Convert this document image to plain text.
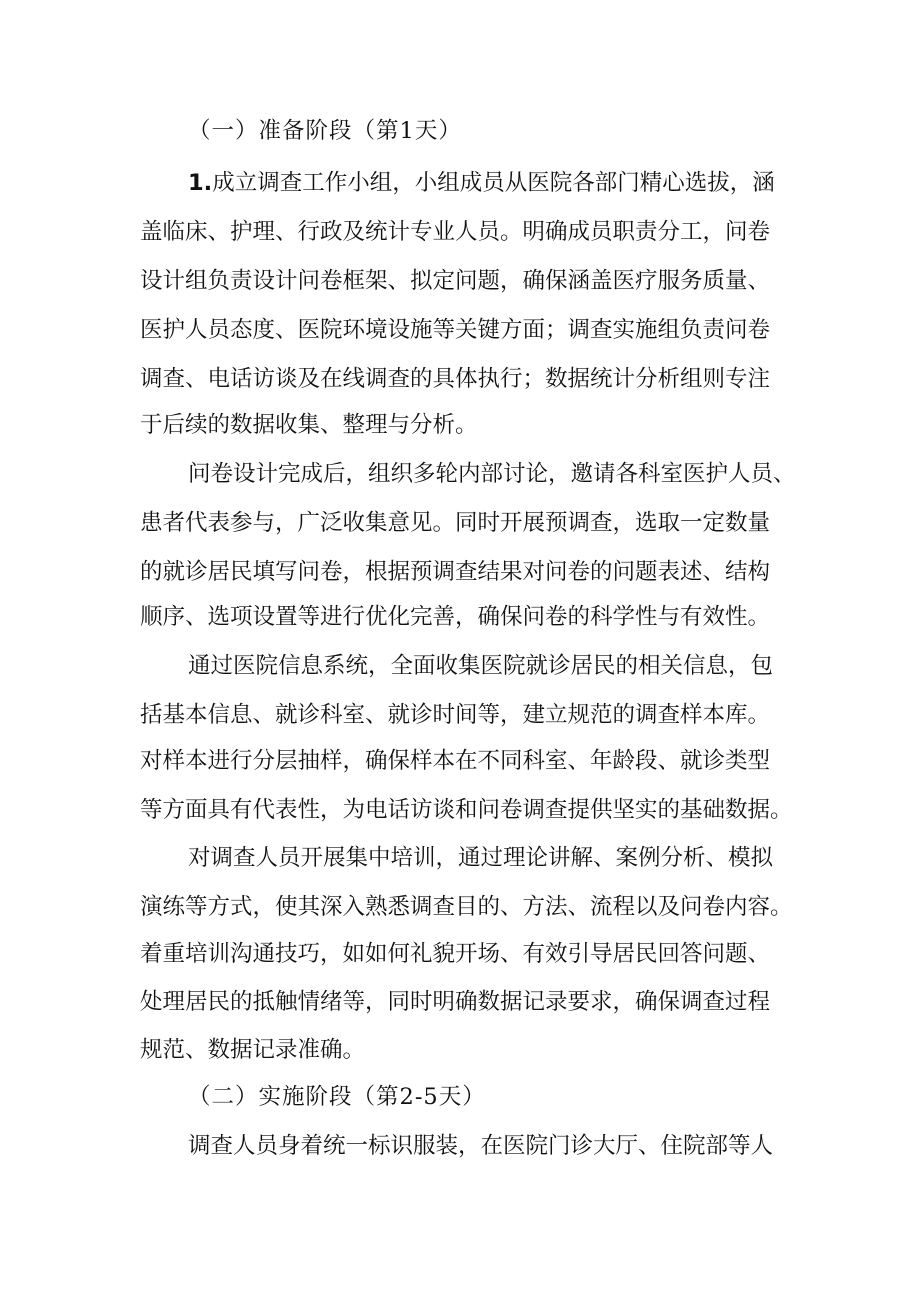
（一）准备阶段（第1天）
1.成立调查工作小组，小组成员从医院各部门精心选拔，涵
盖临床、护理、行政及统计专业人员。明确成员职责分工，问卷
设计组负责设计问卷框架、拟定问题，确保涵盖医疗服务质量、
医护人员态度、医院环境设施等关键方面；调查实施组负责问卷
调查、电话访谈及在线调查的具体执行；数据统计分析组则专注
于后续的数据收集、整理与分析。
问卷设计完成后，组织多轮内部讨论，邀请各科室医护人员、
患者代表参与，广泛收集意见。同时开展预调查，选取一定数量
的就诊居民填写问卷，根据预调查结果对问卷的问题表述、结构
顺序、选项设置等进行优化完善，确保问卷的科学性与有效性。
通过医院信息系统，全面收集医院就诊居民的相关信息，包
括基本信息、就诊科室、就诊时间等，建立规范的调查样本库。
对样本进行分层抽样，确保样本在不同科室、年龄段、就诊类型
等方面具有代表性，为电话访谈和问卷调查提供坚实的基础数据。
对调查人员开展集中培训，通过理论讲解、案例分析、模拟
演练等方式，使其深入熟悉调查目的、方法、流程以及问卷内容。
着重培训沟通技巧，如如何礼貌开场、有效引导居民回答问题、
处理居民的抵触情绪等，同时明确数据记录要求，确保调查过程
规范、数据记录准确。
（二）实施阶段（第2-5天）
调查人员身着统一标识服装，在医院门诊大厅、住院部等人
